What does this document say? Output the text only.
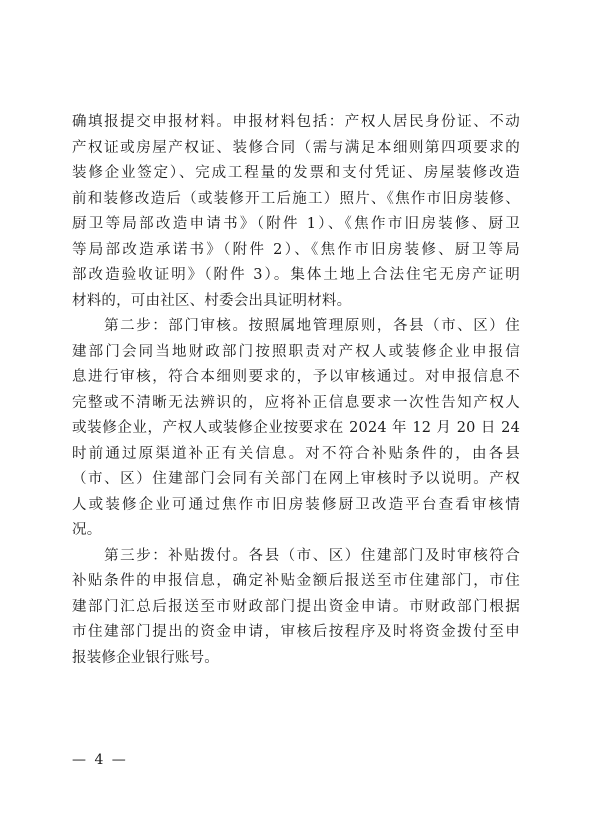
确填报提交申报材料。申报材料包括：产权人居民身份证、不动
产权证或房屋产权证、装修合同（需与满足本细则第四项要求的
装修企业签定）、完成工程量的发票和支付凭证、房屋装修改造
前和装修改造后（或装修开工后施工）照片、《焦作市旧房装修、
厨卫等局部改造申请书》（附件 1）、《焦作市旧房装修、厨卫
等局部改造承诺书》（附件 2）、《焦作市旧房装修、厨卫等局
部改造验收证明》（附件 3）。集体土地上合法住宅无房产证明
材料的，可由社区、村委会出具证明材料。
　　第二步：部门审核。按照属地管理原则，各县（市、区）住
建部门会同当地财政部门按照职责对产权人或装修企业申报信
息进行审核，符合本细则要求的，予以审核通过。对申报信息不
完整或不清晰无法辨识的，应将补正信息要求一次性告知产权人
或装修企业，产权人或装修企业按要求在 2024 年 12 月 20 日 24
时前通过原渠道补正有关信息。对不符合补贴条件的，由各县
（市、区）住建部门会同有关部门在网上审核时予以说明。产权
人或装修企业可通过焦作市旧房装修厨卫改造平台查看审核情
况。
　　第三步：补贴拨付。各县（市、区）住建部门及时审核符合
补贴条件的申报信息，确定补贴金额后报送至市住建部门，市住
建部门汇总后报送至市财政部门提出资金申请。市财政部门根据
市住建部门提出的资金申请，审核后按程序及时将资金拨付至申
报装修企业银行账号。
— 4 —
